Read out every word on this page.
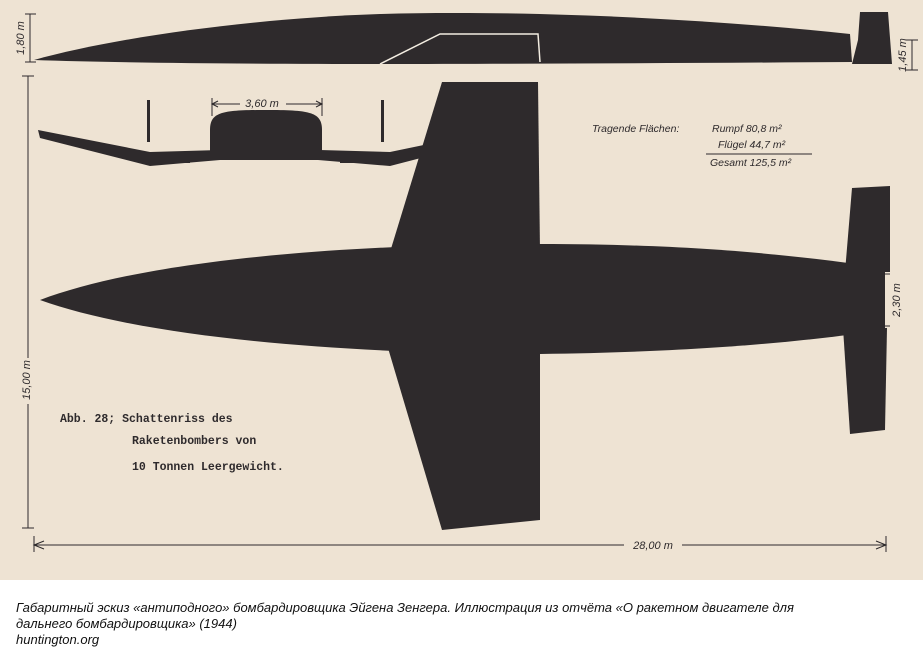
1,80 m
1,45 m
3,60 m
2,30 m
15,00 m
28,00 m
Tragende Flächen:	Rumpf 80,8 m²
Flügel 44,7 m²
Gesamt 125,5 m²
Abb. 28; Schattenriss des
Raketenbombers von
10 Tonnen Leergewicht.
Габаритный эскиз «антиподного» бомбардировщика Эйгена Зенгера. Иллюстрация из отчёта «О ракетном двигателе для
дальнего бомбардировщика» (1944)
huntington.org
